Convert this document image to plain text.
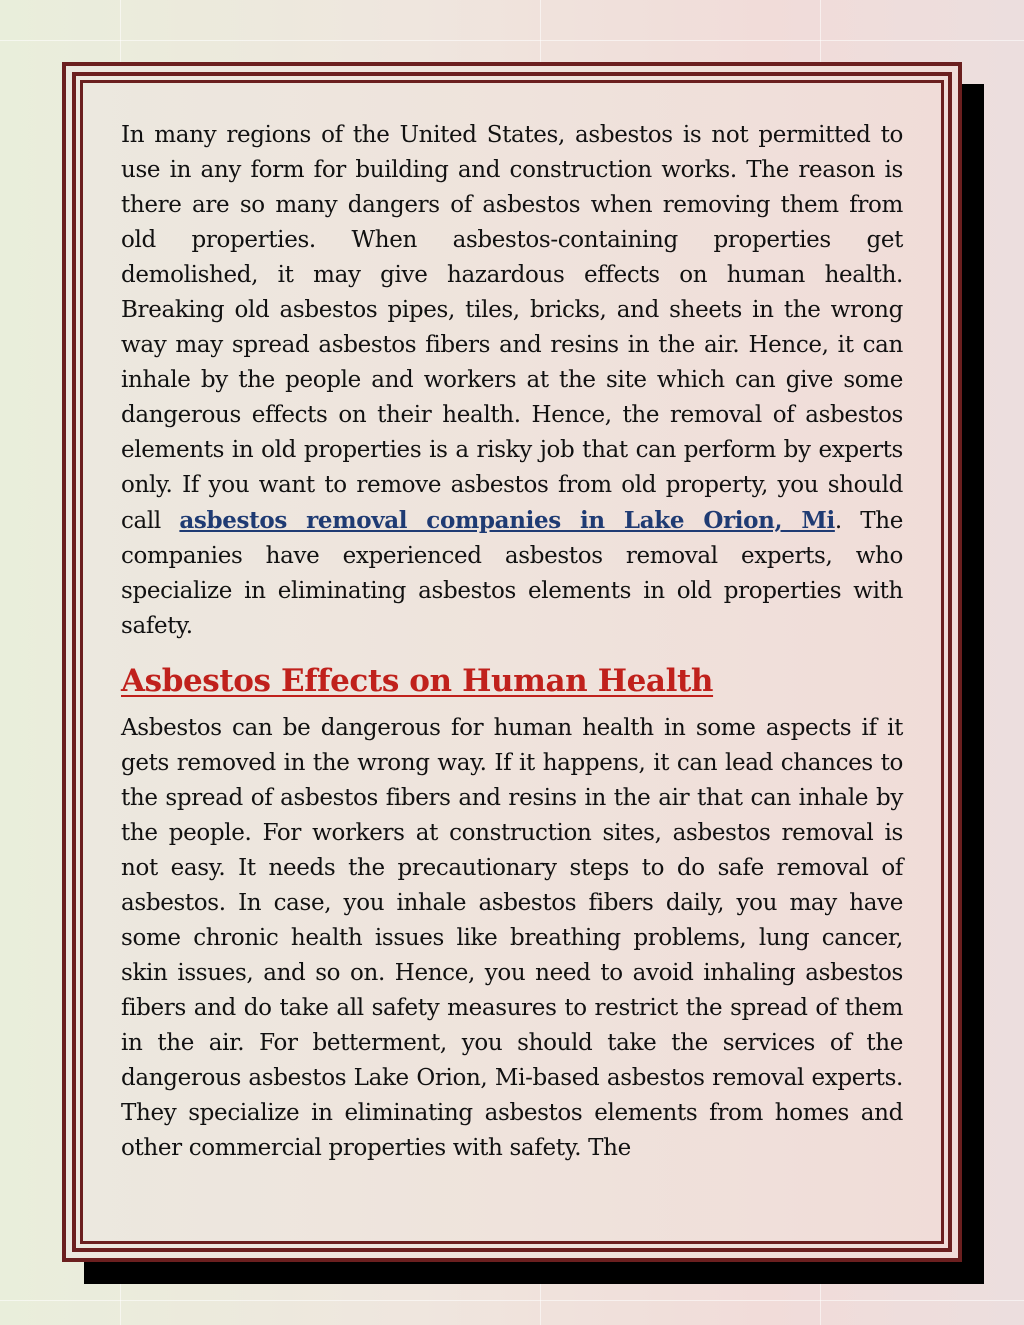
In many regions of the United States, asbestos is not permitted to use in any form for building and construction works. The reason is there are so many dangers of asbestos when removing them from old properties. When asbestos-containing properties get demolished, it may give hazardous effects on human health. Breaking old asbestos pipes, tiles, bricks, and sheets in the wrong way may spread asbestos fibers and resins in the air. Hence, it can inhale by the people and workers at the site which can give some dangerous effects on their health. Hence, the removal of asbestos elements in old properties is a risky job that can perform by experts only. If you want to remove asbestos from old property, you should call asbestos removal companies in Lake Orion, Mi. The companies have experienced asbestos removal experts, who specialize in eliminating asbestos elements in old properties with safety.

Asbestos Effects on Human Health

Asbestos can be dangerous for human health in some aspects if it gets removed in the wrong way. If it happens, it can lead chances to the spread of asbestos fibers and resins in the air that can inhale by the people. For workers at construction sites, asbestos removal is not easy. It needs the precautionary steps to do safe removal of asbestos. In case, you inhale asbestos fibers daily, you may have some chronic health issues like breathing problems, lung cancer, skin issues, and so on. Hence, you need to avoid inhaling asbestos fibers and do take all safety measures to restrict the spread of them in the air. For betterment, you should take the services of the dangerous asbestos Lake Orion, Mi-based asbestos removal experts. They specialize in eliminating asbestos elements from homes and other commercial properties with safety. The
